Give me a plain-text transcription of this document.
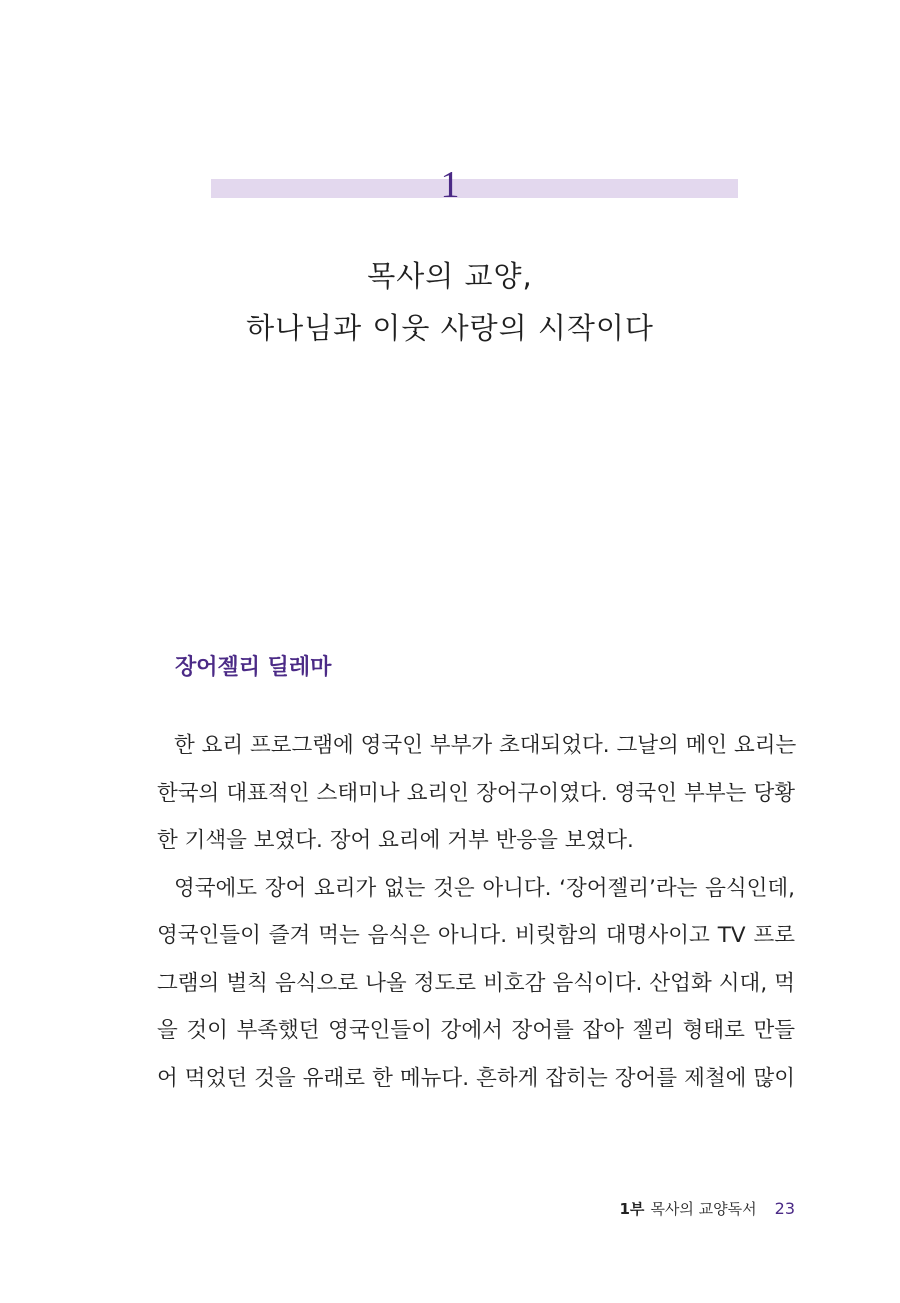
1
목사의 교양,
하나님과 이웃 사랑의 시작이다
장어젤리 딜레마
한 요리 프로그램에 영국인 부부가 초대되었다. 그날의 메인 요리는
한국의 대표적인 스태미나 요리인 장어구이였다. 영국인 부부는 당황
한 기색을 보였다. 장어 요리에 거부 반응을 보였다.
영국에도 장어 요리가 없는 것은 아니다. ‘장어젤리’라는 음식인데,
영국인들이 즐겨 먹는 음식은 아니다. 비릿함의 대명사이고 TV 프로
그램의 벌칙 음식으로 나올 정도로 비호감 음식이다. 산업화 시대, 먹
을 것이 부족했던 영국인들이 강에서 장어를 잡아 젤리 형태로 만들
어 먹었던 것을 유래로 한 메뉴다. 흔하게 잡히는 장어를 제철에 많이
1부 목사의 교양독서 23
